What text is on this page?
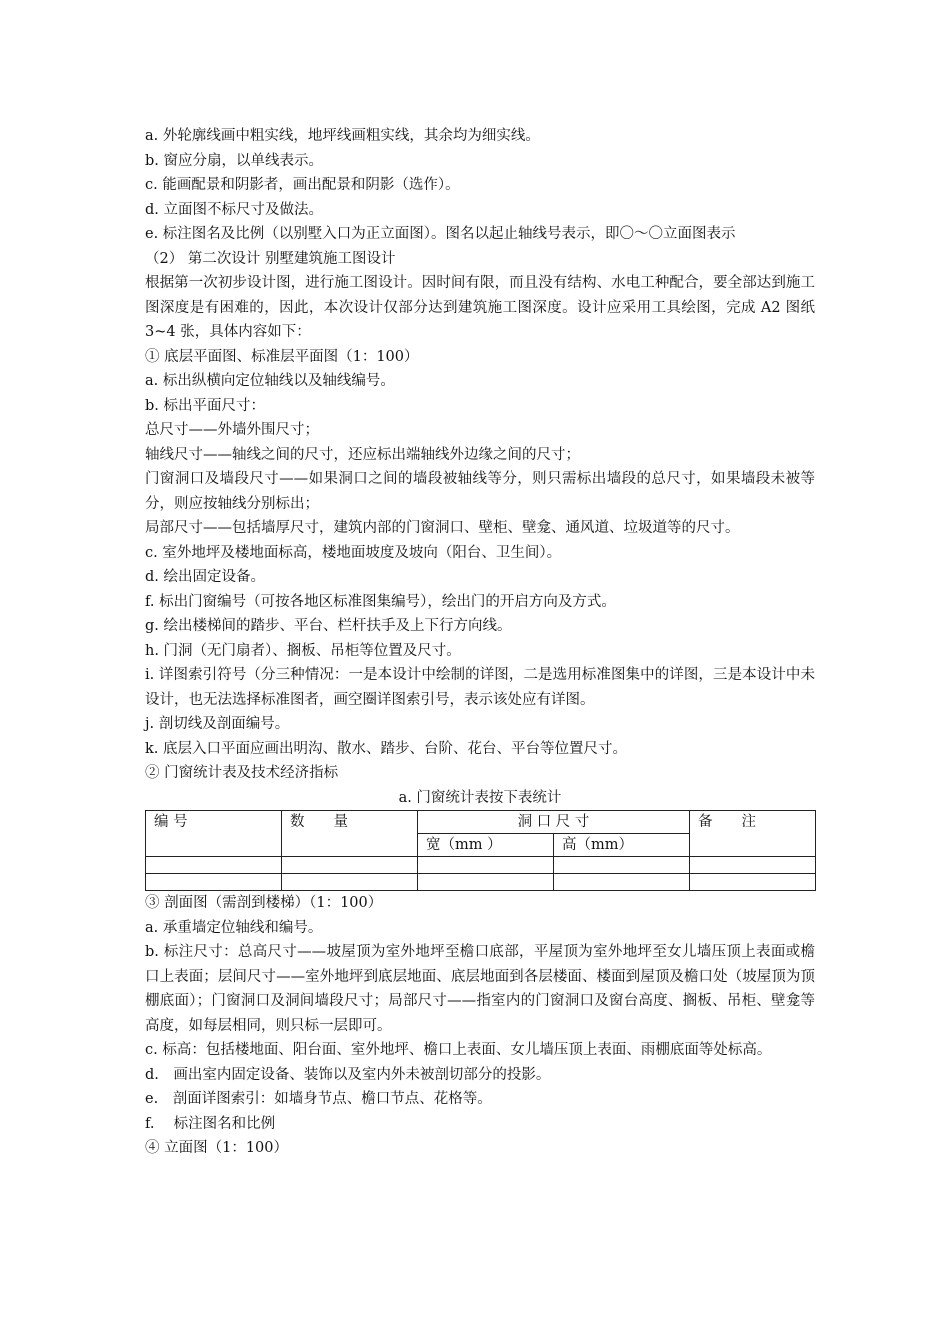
a. 外轮廓线画中粗实线，地坪线画粗实线，其余均为细实线。
b. 窗应分扇，以单线表示。
c. 能画配景和阴影者，画出配景和阴影（选作）。
d. 立面图不标尺寸及做法。
e. 标注图名及比例（以别墅入口为正立面图）。图名以起止轴线号表示，即〇～〇立面图表示
（2） 第二次设计 别墅建筑施工图设计
根据第一次初步设计图，进行施工图设计。因时间有限，而且没有结构、水电工种配合，要全部达到施工图深度是有困难的，因此，本次设计仅部分达到建筑施工图深度。设计应采用工具绘图，完成 A2 图纸 3~4 张，具体内容如下：
① 底层平面图、标准层平面图（1：100）
a. 标出纵横向定位轴线以及轴线编号。
b. 标出平面尺寸：
总尺寸——外墙外围尺寸；
轴线尺寸——轴线之间的尺寸，还应标出端轴线外边缘之间的尺寸；
门窗洞口及墙段尺寸——如果洞口之间的墙段被轴线等分，则只需标出墙段的总尺寸，如果墙段未被等分，则应按轴线分别标出；
局部尺寸——包括墙厚尺寸，建筑内部的门窗洞口、壁柜、壁龛、通风道、垃圾道等的尺寸。
c. 室外地坪及楼地面标高，楼地面坡度及坡向（阳台、卫生间）。
d. 绘出固定设备。
f. 标出门窗编号（可按各地区标准图集编号），绘出门的开启方向及方式。
g. 绘出楼梯间的踏步、平台、栏杆扶手及上下行方向线。
h. 门洞（无门扇者）、搁板、吊柜等位置及尺寸。
i. 详图索引符号（分三种情况：一是本设计中绘制的详图，二是选用标准图集中的详图，三是本设计中未设计，也无法选择标准图者，画空圈详图索引号，表示该处应有详图。
j. 剖切线及剖面编号。
k. 底层入口平面应画出明沟、散水、踏步、台阶、花台、平台等位置尺寸。
② 门窗统计表及技术经济指标
a. 门窗统计表按下表统计
编 号	数　　量	洞 口 尺 寸		备　　注
		宽（mm ）	高（mm）	

③ 剖面图（需剖到楼梯）（1：100）
a. 承重墙定位轴线和编号。
b. 标注尺寸：总高尺寸——坡屋顶为室外地坪至檐口底部，平屋顶为室外地坪至女儿墙压顶上表面或檐口上表面；层间尺寸——室外地坪到底层地面、底层地面到各层楼面、楼面到屋顶及檐口处（坡屋顶为顶棚底面）；门窗洞口及洞间墙段尺寸；局部尺寸——指室内的门窗洞口及窗台高度、搁板、吊柜、壁龛等高度，如每层相同，则只标一层即可。
c. 标高：包括楼地面、阳台面、室外地坪、檐口上表面、女儿墙压顶上表面、雨棚底面等处标高。
d.　画出室内固定设备、装饰以及室内外未被剖切部分的投影。
e.　剖面详图索引：如墙身节点、檐口节点、花格等。
f.　 标注图名和比例
④ 立面图（1：100）
